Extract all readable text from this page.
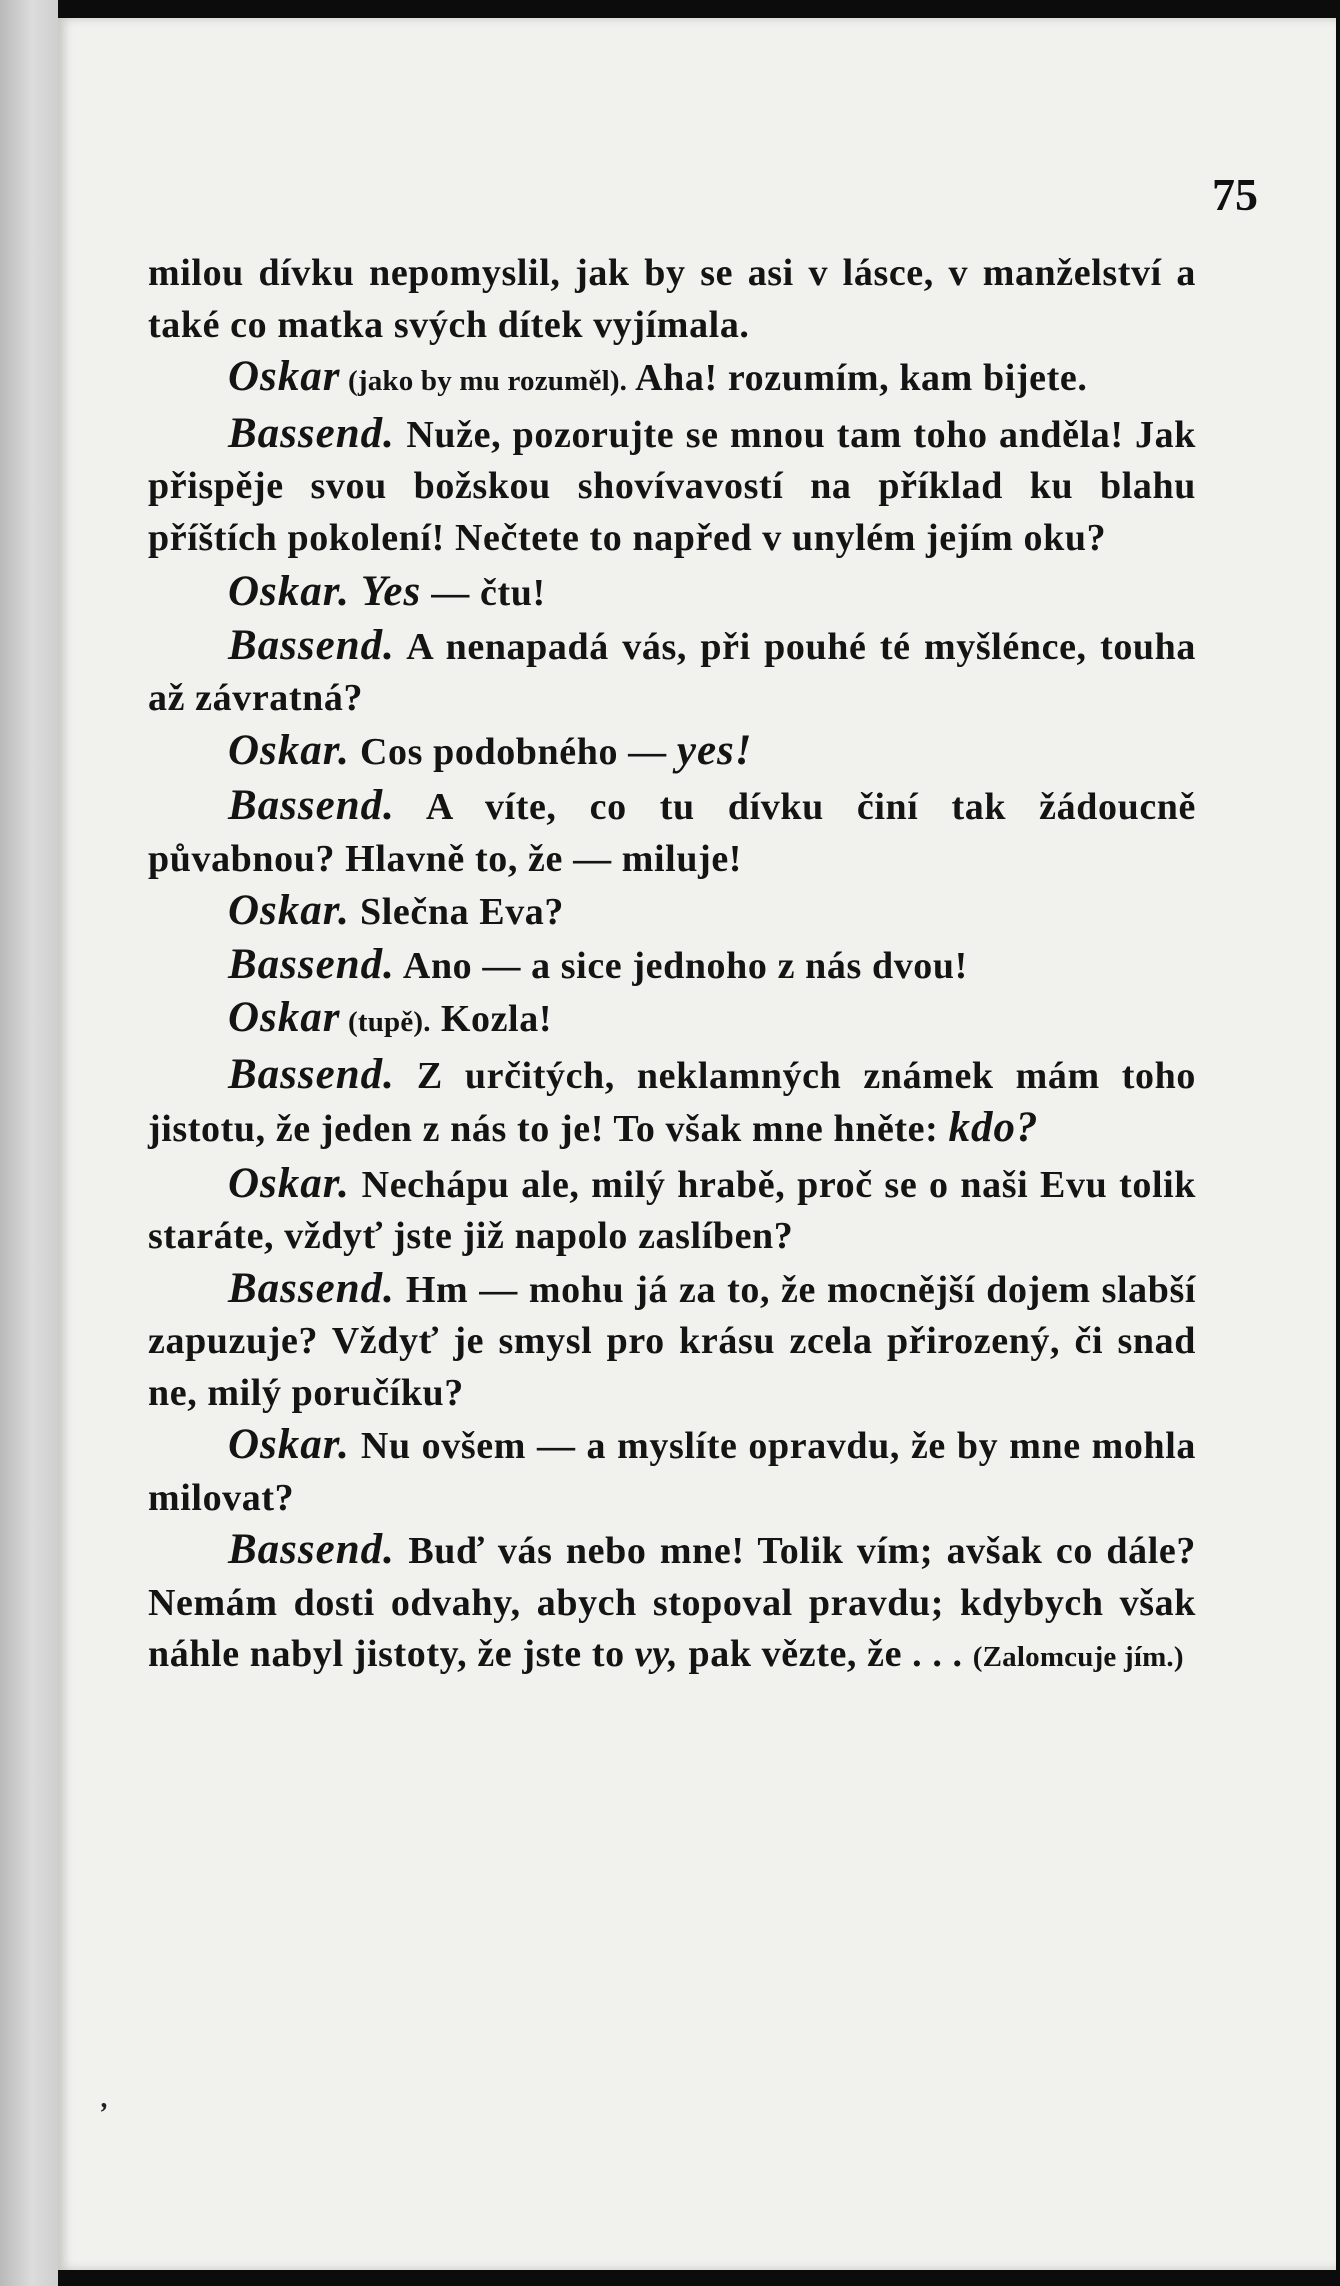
75

milou dívku nepomyslil, jak by se asi v lásce, v manželství a také co matka svých dítek vyjímala.

Oskar (jako by mu rozuměl). Aha! rozumím, kam bijete.

Bassend. Nuže, pozorujte se mnou tam toho anděla! Jak přispěje svou božskou shovívavostí na příklad ku blahu příštích pokolení! Nečtete to napřed v unylém jejím oku?

Oskar. Yes — čtu!

Bassend. A nenapadá vás, při pouhé té myšlénce, touha až závratná?

Oskar. Cos podobného — yes!

Bassend. A víte, co tu dívku činí tak žádoucně půvabnou? Hlavně to, že — miluje!

Oskar. Slečna Eva?

Bassend. Ano — a sice jednoho z nás dvou!

Oskar (tupě). Kozla!

Bassend. Z určitých, neklamných známek mám toho jistotu, že jeden z nás to je! To však mne hněte: kdo?

Oskar. Nechápu ale, milý hrabě, proč se o naši Evu tolik staráte, vždyť jste již napolo zaslíben?

Bassend. Hm — mohu já za to, že mocnější dojem slabší zapuzuje? Vždyť je smysl pro krásu zcela přirozený, či snad ne, milý poručíku?

Oskar. Nu ovšem — a myslíte opravdu, že by mne mohla milovat?

Bassend. Buď vás nebo mne! Tolik vím; avšak co dále? Nemám dosti odvahy, abych stopoval pravdu; kdybych však náhle nabyl jistoty, že jste to vy, pak vězte, že . . . (Zalomcuje jím.)

ʼ
